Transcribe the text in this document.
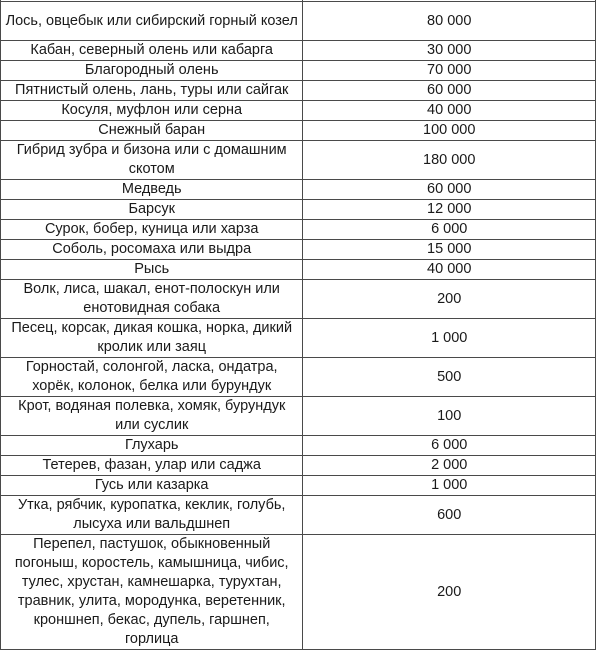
Лось, овцебык или сибирский горный козел	80 000
Кабан, северный олень или кабарга	30 000
Благородный олень	70 000
Пятнистый олень, лань, туры или сайгак	60 000
Косуля, муфлон или серна	40 000
Снежный баран	100 000
Гибрид зубра и бизона или с домашним скотом	180 000
Медведь	60 000
Барсук	12 000
Сурок, бобер, куница или харза	6 000
Соболь, росомаха или выдра	15 000
Рысь	40 000
Волк, лиса, шакал, енот-полоскун или енотовидная собака	200
Песец, корсак, дикая кошка, норка, дикий кролик или заяц	1 000
Горностай, солонгой, ласка, ондатра, хорёк, колонок, белка или бурундук	500
Крот, водяная полевка, хомяк, бурундук или суслик	100
Глухарь	6 000
Тетерев, фазан, улар или саджа	2 000
Гусь или казарка	1 000
Утка, рябчик, куропатка, кеклик, голубь, лысуха или вальдшнеп	600
Перепел, пастушок, обыкновенный погоныш, коростель, камышница, чибис, тулес, хрустан, камнешарка, турухтан, травник, улита, мородунка, веретенник, кроншнеп, бекас, дупель, гаршнеп, горлица	200
